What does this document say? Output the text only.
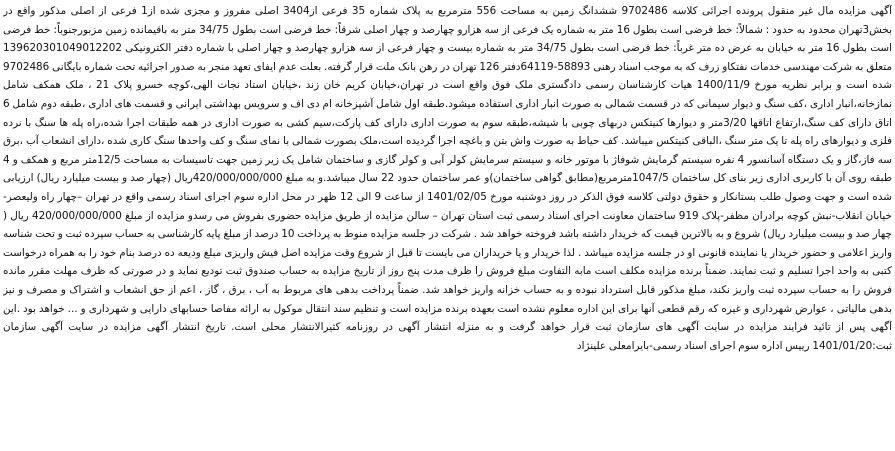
آگهی مزایده مال غیر منقول پرونده اجرائی کلاسه 9702486 ششدانگ زمین به مساحت 556 مترمربع به پلاک شماره 35 فرعی از3404 اصلی مفروز و مجزی شده از1 فرعی از اصلی مذکور واقع در بخش3تهران محدود به حدود : شمالاً: خط فرضی است بطول 16 متر به شماره یک فرعی از سه هزارو چهارصد و چهار اصلی شرقاً: خط فرضی است بطول 34/75 متر به باقیمانده زمین مزبورجنوباً: خط فرضی است بطول 16 متر به خیابان به عرض ده متر غرباً: خط فرضی است بطول 34/75 متر به شماره بیست و چهار فرعی از سه هزارو چهارصد و چهار اصلی با شماره دفتر الکترونیکی 139620301049012202 متعلق به شرکت مهندسی خدمات نفتکاو زرف که به موجب اسناد رهنی 58893-64119دفتر 126 تهران در رهن بانک ملت قرار گرفته. بعلت عدم ایفای تعهد منجر به صدور اجرائیه تحت شماره بایگانی 9702486 شده است و برابر نظریه مورخ 1400/11/9 هیات کارشناسان رسمی دادگستری ملک فوق واقع است در تهران،خیابان کریم خان زند ،خیابان استاد نجات الهی،کوچه خسرو پلاک 21 ، ملک همکف شامل نمازخانه،انبار اداری ،کف سنگ و دیوار سیمانی که در قسمت شمالی به صورت انبار اداری استفاده میشود.طبقه اول شامل آشپزخانه ام دی اف و سرویس بهداشتی ایرانی و قسمت های اداری ،طبقه دوم شامل 6 اتاق دارای کف سنگ،ارتفاع اتاقها 3/20متر و دیوارها کنیتکس دربهای چوبی با شیشه،طبقه سوم به صورت اداری دارای کف پارکت،سیم کشی به صورت اداری در همه طبقات اجرا شده،راه پله ها سنگ با نرده فلزی و دیوارهای راه پله تا یک متر سنگ ،الباقی کنیتکس میباشد. کف حیاط به صورت واش بتن و باغچه اجرا گردیده است،ملک بصورت شمالی با نمای سنگ و کف واحدها سنگ کاری شده ،دارای انشعاب آب ،برق سه فاز،گاز و یک دستگاه آسانسور 4 نفره سیستم گرمایش شوفاژ با موتور خانه و سیستم سرمایش کولر آبی و کولر گازی و ساختمان شامل یک زیر زمین جهت تاسیسات به مساحت 12/5متر مربع و همکف و 4 طبقه روی آن با کاربری اداری زیر بنای کل ساختمان 1047/5مترمربع(مطابق گواهی ساختمان)و عمر ساختمان حدود 22 سال میباشد.و به مبلغ 420/000/000/000ریال (چهار صد و بیست میلیارد ریال) ارزیابی شده است و جهت وصول طلب بستانکار و حقوق دولتی کلاسه فوق الذکر در روز دوشنبه مورخ 1401/02/05 از ساعت 9 الی 12 ظهر در محل اداره سوم اجرای اسناد رسمی واقع در تهران –چهار راه ولیعصر-خیابان انقلاب-نبش کوچه برادران مظفر-پلاک 919 ساختمان معاونت اجرای اسناد رسمی ثبت استان تهران – سالن مزایده از طریق مزایده حضوری بفروش می رسدو مزایده از مبلغ 420/000/000/000 ریال ( چهار صد و بیست میلیارد ریال) شروع و به بالاترین قیمت که خریدار داشته باشد فروخته خواهد شد . شرکت در جلسه مزایده منوط به پرداخت 10 درصد از مبلغ پایه کارشناسی به حساب سپرده ثبت و تحت شناسه واریز اعلامی و حضور خریدار یا نماینده قانونی او در جلسه مزایده میباشد . لذا خریدار و یا خریداران می بایست تا قبل از شروع وقت مزایده اصل فیش واریزی مبلغ ودیعه ده درصد بنام خود را به همراه درخواست کتبی به واحد اجرا تسلیم و ثبت نمایند. ضمناً برنده مزایده مکلف است مابه التفاوت مبلغ فروش را ظرف مدت پنج روز از تاریخ مزایده به حساب صندوق ثبت تودیع نماید و در صورتی که ظرف مهلت مقرر مانده فروش را به حساب سپرده ثبت واریز نکند، مبلغ مذکور قابل استرداد نبوده و به حساب خزانه واریز خواهد شد. ضمناً پرداخت بدهی های مربوط به آب ، برق ، گاز ، اعم از حق انشعاب و اشتراک و مصرف و نیز بدهی مالیاتی ، عوارض شهرداری و غیره که رقم قطعی آنها برای این اداره معلوم نشده است بعهده برنده مزایده است و تنظیم سند انتقال موکول به ارائه مفاصا حسابهای دارایی و شهرداری و ... خواهد بود .این آگهی پس از تائید فرایند مزایده در سایت آگهی های سازمان ثبت قرار خواهد گرفت و به منزله انتشار آگهی در روزنامه کثیرالانتشار محلی است. تاریخ انتشار آگهی مزایده در سایت آگهی سازمان ثبت:1401/01/20 رییس اداره سوم اجرای اسناد رسمی-بایرامعلی علینژاد
